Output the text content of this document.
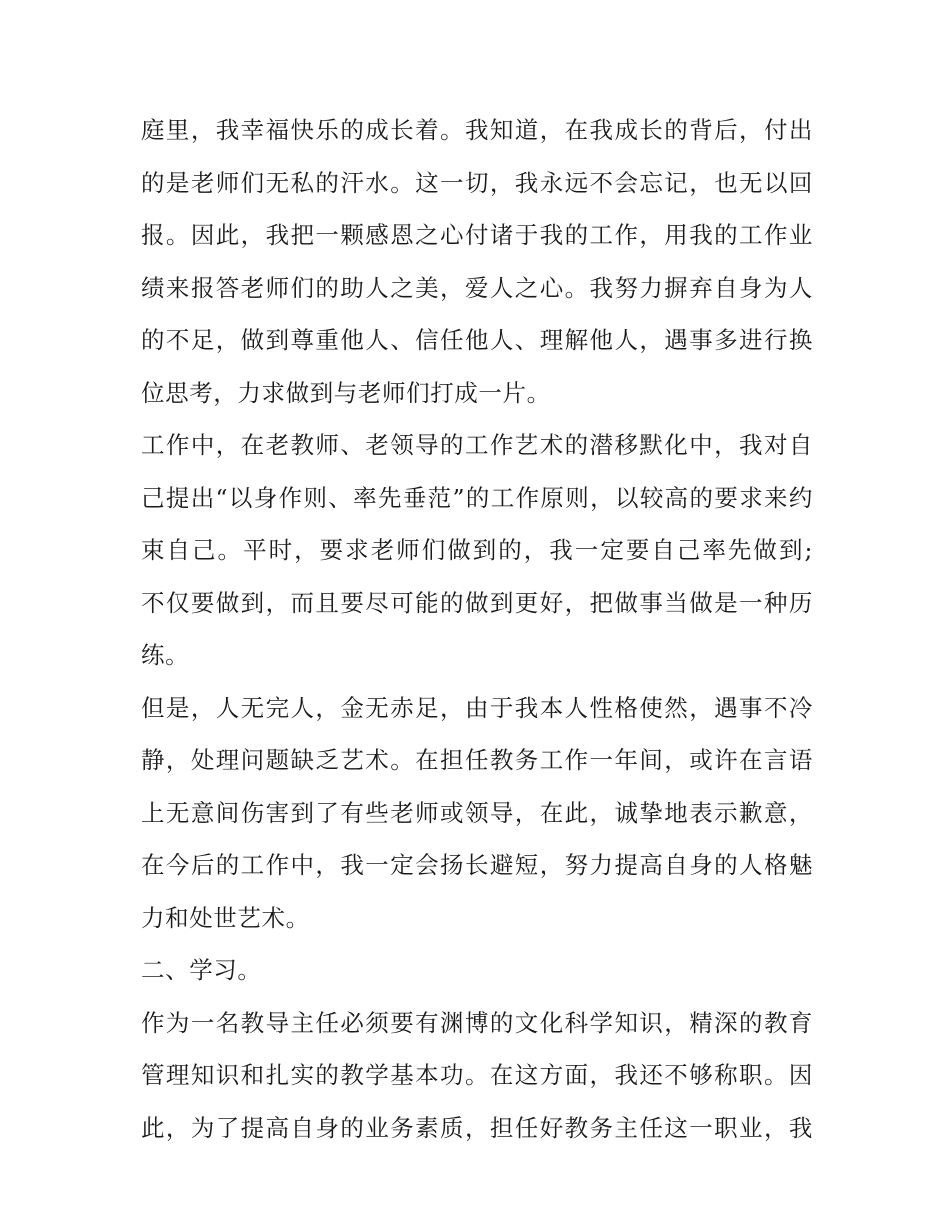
庭里，我幸福快乐的成长着。我知道，在我成长的背后，付出
的是老师们无私的汗水。这一切，我永远不会忘记，也无以回
报。因此，我把一颗感恩之心付诸于我的工作，用我的工作业
绩来报答老师们的助人之美，爱人之心。我努力摒弃自身为人
的不足，做到尊重他人、信任他人、理解他人，遇事多进行换
位思考，力求做到与老师们打成一片。
工作中，在老教师、老领导的工作艺术的潜移默化中，我对自
己提出“以身作则、率先垂范”的工作原则，以较高的要求来约
束自己。平时，要求老师们做到的，我一定要自己率先做到;
不仅要做到，而且要尽可能的做到更好，把做事当做是一种历
练。
但是，人无完人，金无赤足，由于我本人性格使然，遇事不冷
静，处理问题缺乏艺术。在担任教务工作一年间，或许在言语
上无意间伤害到了有些老师或领导，在此，诚挚地表示歉意，
在今后的工作中，我一定会扬长避短，努力提高自身的人格魅
力和处世艺术。
二、学习。
作为一名教导主任必须要有渊博的文化科学知识，精深的教育
管理知识和扎实的教学基本功。在这方面，我还不够称职。因
此，为了提高自身的业务素质，担任好教务主任这一职业，我
